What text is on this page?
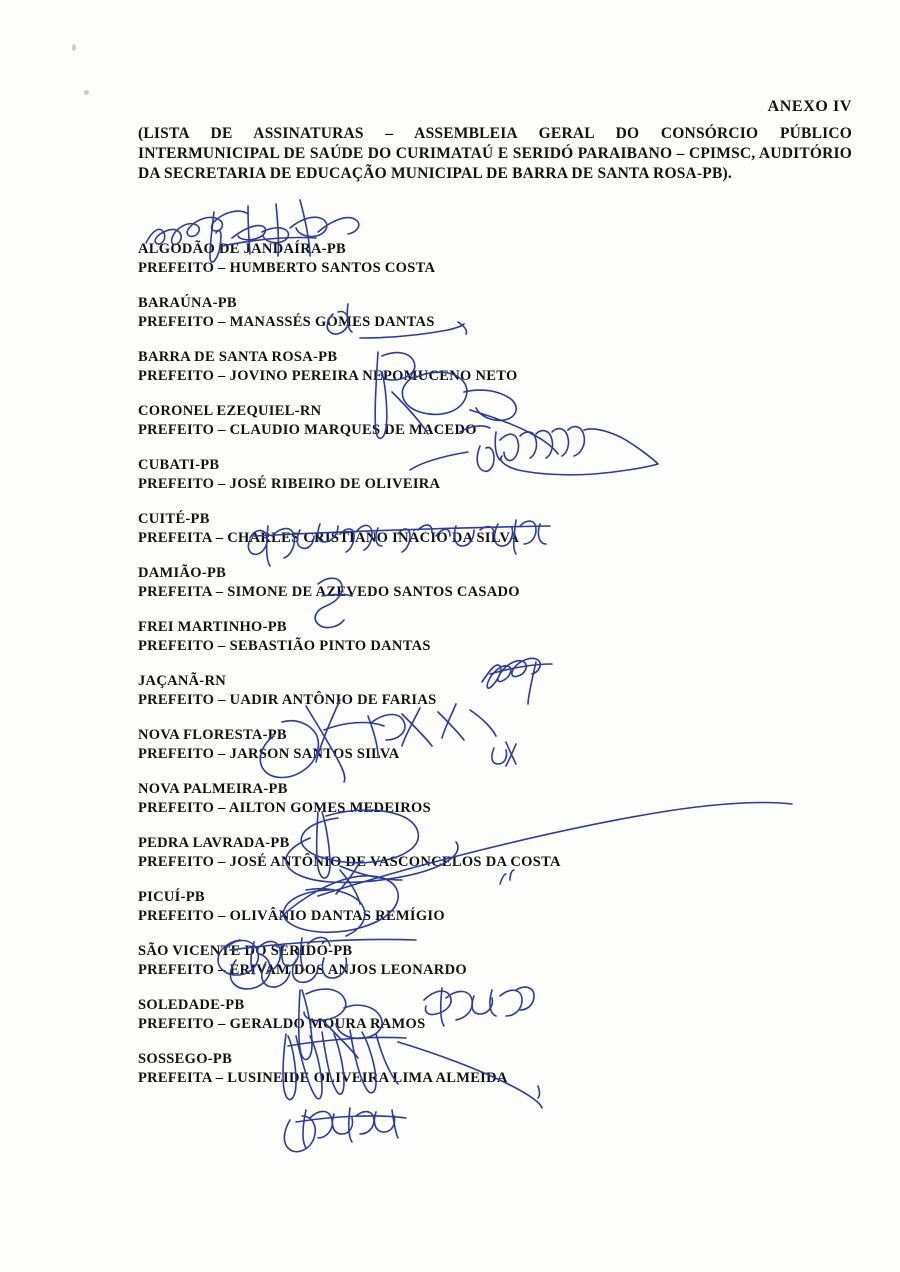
ANEXO IV
(LISTA DE ASSINATURAS – ASSEMBLEIA GERAL DO CONSÓRCIO PÚBLICO INTERMUNICIPAL DE SAÚDE DO CURIMATAÚ E SERIDÓ PARAIBANO – CPIMSC, AUDITÓRIO DA SECRETARIA DE EDUCAÇÃO MUNICIPAL DE BARRA DE SANTA ROSA-PB).
ALGODÃO DE JANDAÍRA-PB
PREFEITO – HUMBERTO SANTOS COSTA
BARAÚNA-PB
PREFEITO – MANASSÉS GOMES DANTAS
BARRA DE SANTA ROSA-PB
PREFEITO – JOVINO PEREIRA NEPOMUCENO NETO
CORONEL EZEQUIEL-RN
PREFEITO – CLAUDIO MARQUES DE MACEDO
CUBATI-PB
PREFEITO – JOSÉ RIBEIRO DE OLIVEIRA
CUITÉ-PB
PREFEITA – CHARLES CRISTIANO INÁCIO DA SILVA
DAMIÃO-PB
PREFEITA – SIMONE DE AZEVEDO SANTOS CASADO
FREI MARTINHO-PB
PREFEITO – SEBASTIÃO PINTO DANTAS
JAÇANÃ-RN
PREFEITO – UADIR ANTÔNIO DE FARIAS
NOVA FLORESTA-PB
PREFEITO – JARSON SANTOS SILVA
NOVA PALMEIRA-PB
PREFEITO – AILTON GOMES MEDEIROS
PEDRA LAVRADA-PB
PREFEITO – JOSÉ ANTÔNIO DE VASCONCELOS DA COSTA
PICUÍ-PB
PREFEITO – OLIVÂNIO DANTAS REMÍGIO
SÃO VICENTE DO SERIDÓ-PB
PREFEITO – ERIVAM DOS ANJOS LEONARDO
SOLEDADE-PB
PREFEITO – GERALDO MOURA RAMOS
SOSSEGO-PB
PREFEITA – LUSINEIDE OLIVEIRA LIMA ALMEIDA
